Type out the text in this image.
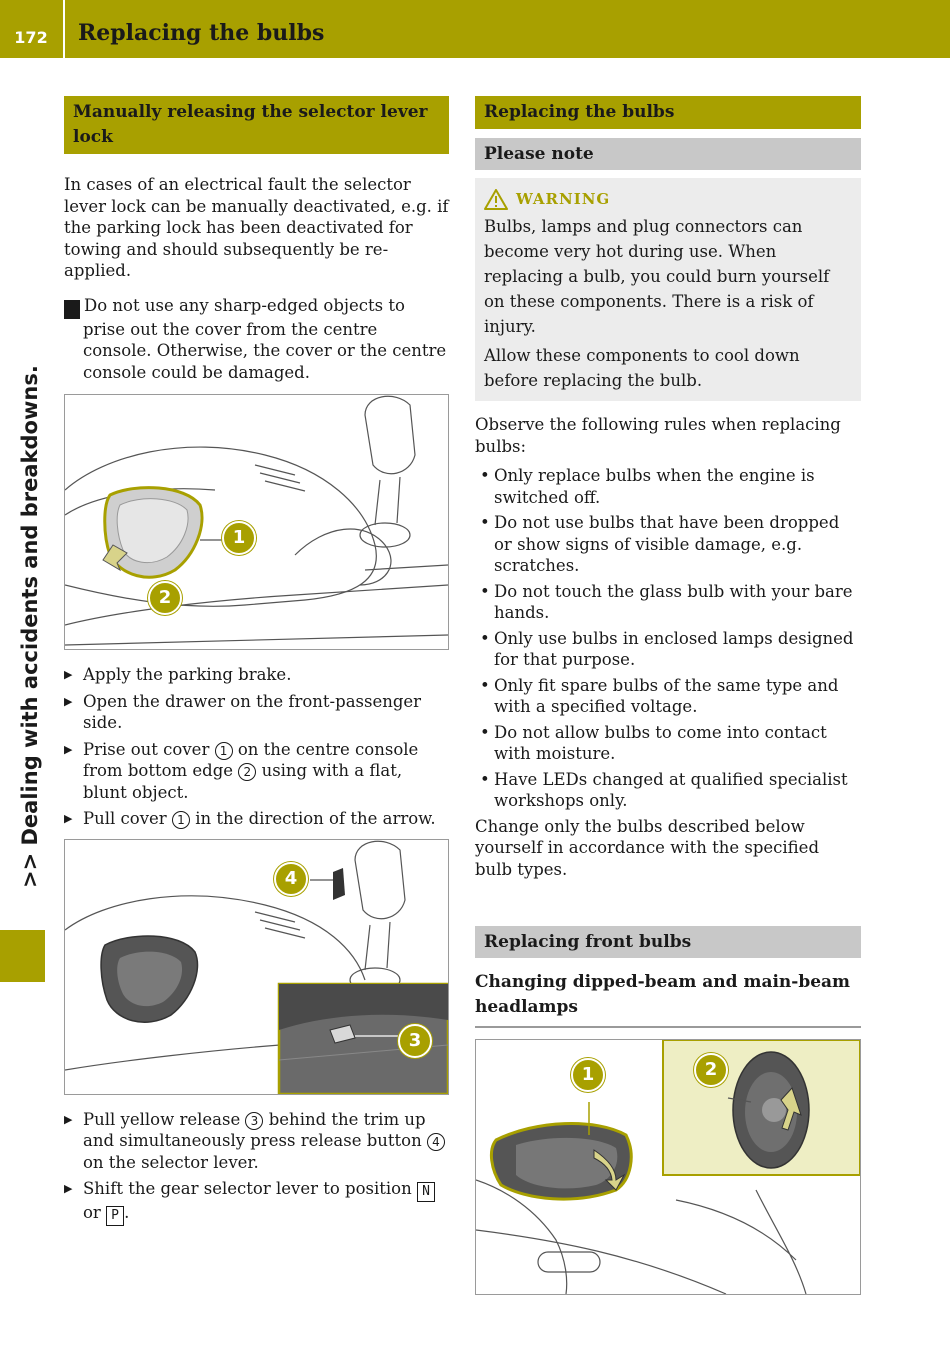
172	Replacing the bulbs
>> Dealing with accidents and breakdowns.
Manually releasing the selector lever lock

In cases of an electrical fault the selector lever lock can be manually deactivated, e.g. if the parking lock has been deactivated for towing and should subsequently be re-applied.

! Do not use any sharp-edged objects to prise out the cover from the centre console. Otherwise, the cover or the centre console could be damaged.

▶ Apply the parking brake.
▶ Open the drawer on the front-passenger side.
▶ Prise out cover 1 on the centre console from bottom edge 2 using with a flat, blunt object.
▶ Pull cover 1 in the direction of the arrow.
▶ Pull yellow release 3 behind the trim up and simultaneously press release button 4 on the selector lever.
▶ Shift the gear selector lever to position N or P .
1
2
4
3
Replacing the bulbs
Please note
WARNING

Bulbs, lamps and plug connectors can become very hot during use. When replacing a bulb, you could burn yourself on these components. There is a risk of injury.

Allow these components to cool down before replacing the bulb.

Observe the following rules when replacing bulbs:

• Only replace bulbs when the engine is switched off.
• Do not use bulbs that have been dropped or show signs of visible damage, e.g. scratches.
• Do not touch the glass bulb with your bare hands.
• Only use bulbs in enclosed lamps designed for that purpose.
• Only fit spare bulbs of the same type and with a specified voltage.
• Do not allow bulbs to come into contact with moisture.
• Have LEDs changed at qualified specialist workshops only.

Change only the bulbs described below yourself in accordance with the specified bulb types.

Replacing front bulbs
Changing dipped-beam and main-beam headlamps
1	2
